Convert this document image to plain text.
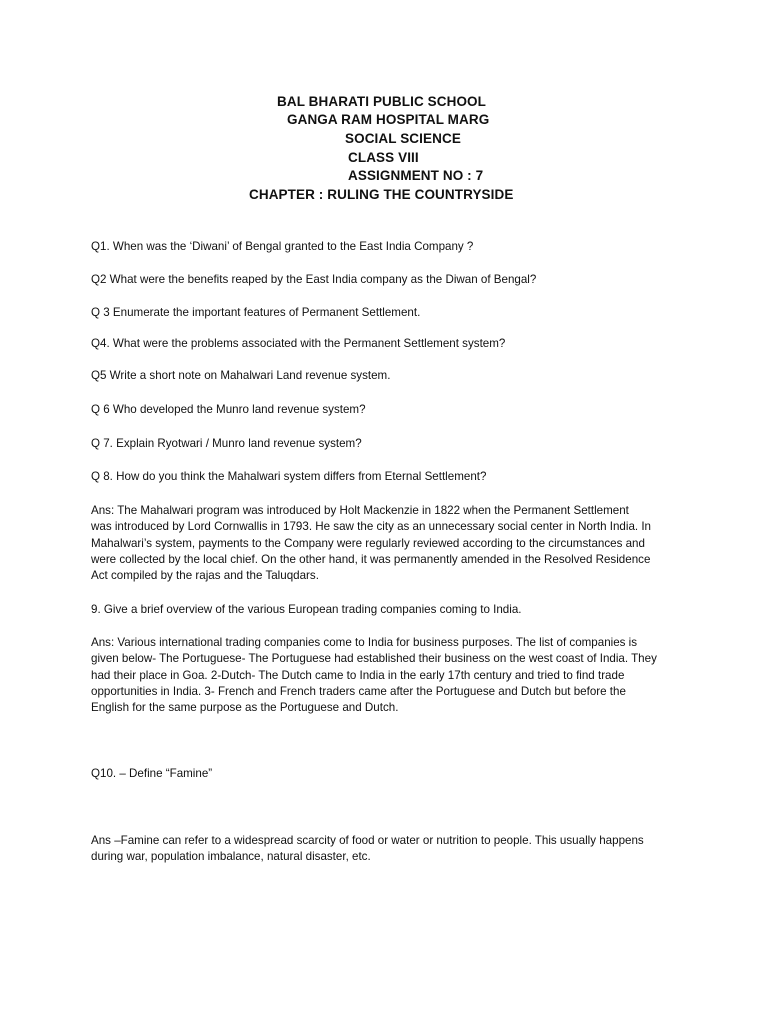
BAL BHARATI PUBLIC SCHOOL
GANGA RAM HOSPITAL MARG
SOCIAL SCIENCE
CLASS VIII
ASSIGNMENT NO : 7
CHAPTER : RULING THE COUNTRYSIDE
Q1. When was the ‘Diwani’ of Bengal granted to the East India Company ?
Q2 What were the benefits reaped by the East India company as the Diwan of Bengal?
Q 3 Enumerate the important features of Permanent Settlement.
Q4. What were the problems associated with the Permanent Settlement system?
Q5 Write a short note on Mahalwari Land revenue system.
Q 6 Who developed the Munro land revenue system?
Q 7. Explain Ryotwari / Munro land revenue system?
Q 8. How do you think the Mahalwari system differs from Eternal Settlement?

Ans: The Mahalwari program was introduced by Holt Mackenzie in 1822 when the Permanent Settlement

was introduced by Lord Cornwallis in 1793. He saw the city as an unnecessary social center in North India. In

Mahalwari’s system, payments to the Company were regularly reviewed according to the circumstances and

were collected by the local chief. On the other hand, it was permanently amended in the Resolved Residence

Act compiled by the rajas and the Taluqdars.

9. Give a brief overview of the various European trading companies coming to India.

Ans: Various international trading companies come to India for business purposes. The list of companies is

given below- The Portuguese- The Portuguese had established their business on the west coast of India. They

had their place in Goa. 2-Dutch- The Dutch came to India in the early 17th century and tried to find trade

opportunities in India. 3- French and French traders came after the Portuguese and Dutch but before the

English for the same purpose as the Portuguese and Dutch.

Q10. – Define “Famine”

Ans –Famine can refer to a widespread scarcity of food or water or nutrition to people. This usually happens

during war, population imbalance, natural disaster, etc.
